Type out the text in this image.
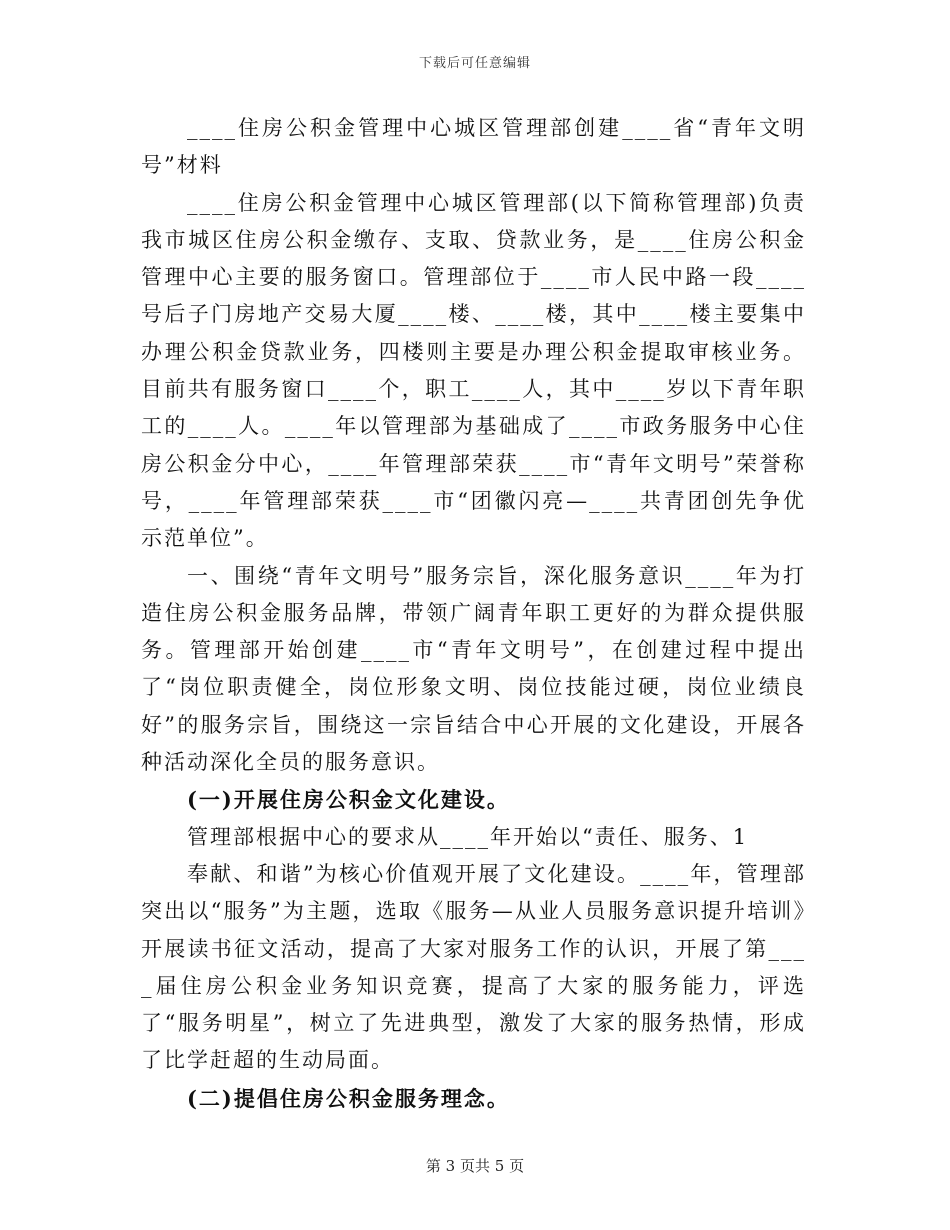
下载后可任意编辑

____住房公积金管理中心城区管理部创建____省“青年文明号”材料

____住房公积金管理中心城区管理部(以下简称管理部)负责我市城区住房公积金缴存、支取、贷款业务，是____住房公积金管理中心主要的服务窗口。管理部位于____市人民中路一段____号后子门房地产交易大厦____楼、____楼，其中____楼主要集中办理公积金贷款业务，四楼则主要是办理公积金提取审核业务。目前共有服务窗口____个，职工____人，其中____岁以下青年职工的____人。____年以管理部为基础成了____市政务服务中心住房公积金分中心，____年管理部荣获____市“青年文明号”荣誉称号，____年管理部荣获____市“团徽闪亮—____共青团创先争优示范单位”。

一、围绕“青年文明号”服务宗旨，深化服务意识____年为打造住房公积金服务品牌，带领广阔青年职工更好的为群众提供服务。管理部开始创建____市“青年文明号”，在创建过程中提出了“岗位职责健全，岗位形象文明、岗位技能过硬，岗位业绩良好”的服务宗旨，围绕这一宗旨结合中心开展的文化建设，开展各种活动深化全员的服务意识。

(一)开展住房公积金文化建设。

管理部根据中心的要求从____年开始以“责任、服务、1

奉献、和谐”为核心价值观开展了文化建设。____年，管理部突出以“服务”为主题，选取《服务—从业人员服务意识提升培训》开展读书征文活动，提高了大家对服务工作的认识，开展了第____届住房公积金业务知识竞赛，提高了大家的服务能力，评选了“服务明星”，树立了先进典型，激发了大家的服务热情，形成了比学赶超的生动局面。

(二)提倡住房公积金服务理念。

第 3 页共 5 页
